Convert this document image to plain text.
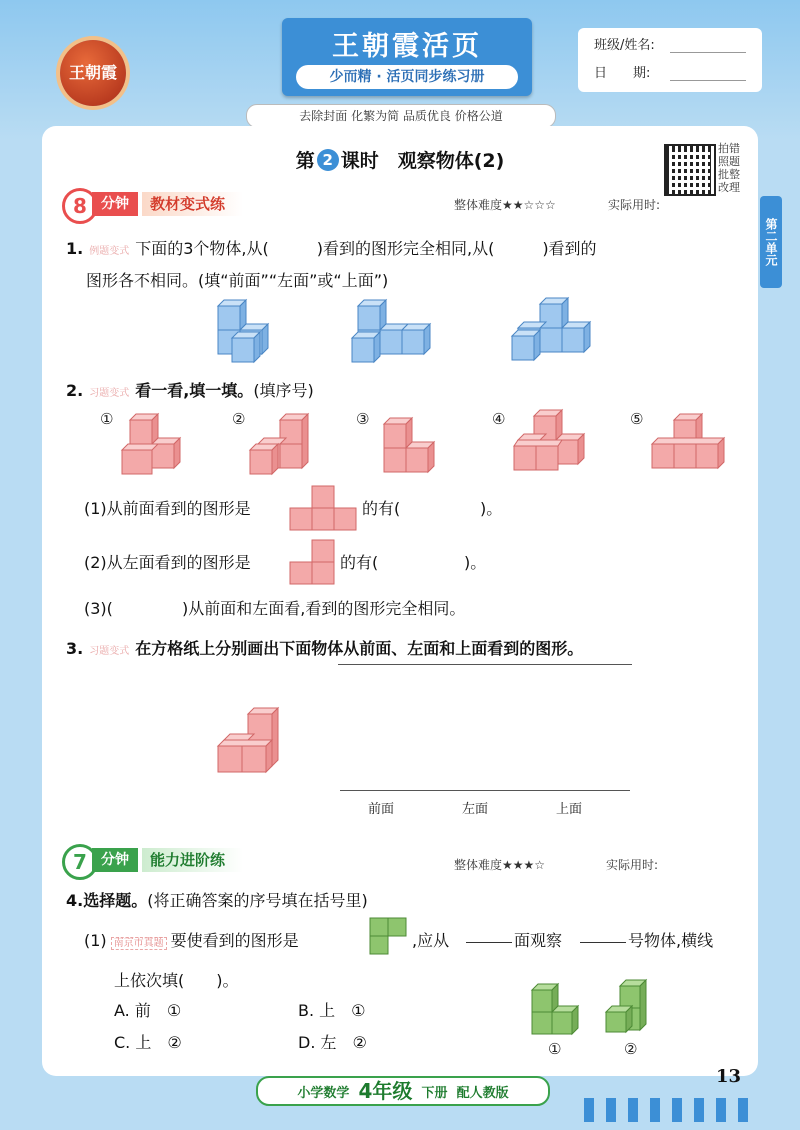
王朝霞
王朝霞活页
少而精 · 活页同步练习册
去除封面 化繁为简 品质优良 价格公道
班级/姓名:
日　　期:
第二单元
第 2 课时　观察物体(2)
拍错照题批整改理
8	分钟	教材变式练	整体难度★★☆☆☆	实际用时:
1. 例题变式 下面的3个物体,从(	)看到的图形完全相同,从(	)看到的
图形各不相同。(填“前面”“左面”或“上面”)
2. 习题变式 看一看,填一填。(填序号)
①	②	③	④	⑤
(1)从前面看到的图形是	的有(	)。
(2)从左面看到的图形是	的有(	)。
(3)(	)从前面和左面看,看到的图形完全相同。
3. 习题变式 在方格纸上分别画出下面物体从前面、左面和上面看到的图形。
前面	左面	上面
7	分钟	能力进阶练	整体难度★★★☆	实际用时:
4.选择题。(将正确答案的序号填在括号里)
(1) 南京市真题 要使看到的图形是	,应从	面观察	号物体,横线
上依次填(　　)。
A. 前　①	B. 上　①
C. 上　②	D. 左　②	①	②
小学数学 4年级 下册 配人教版
13
